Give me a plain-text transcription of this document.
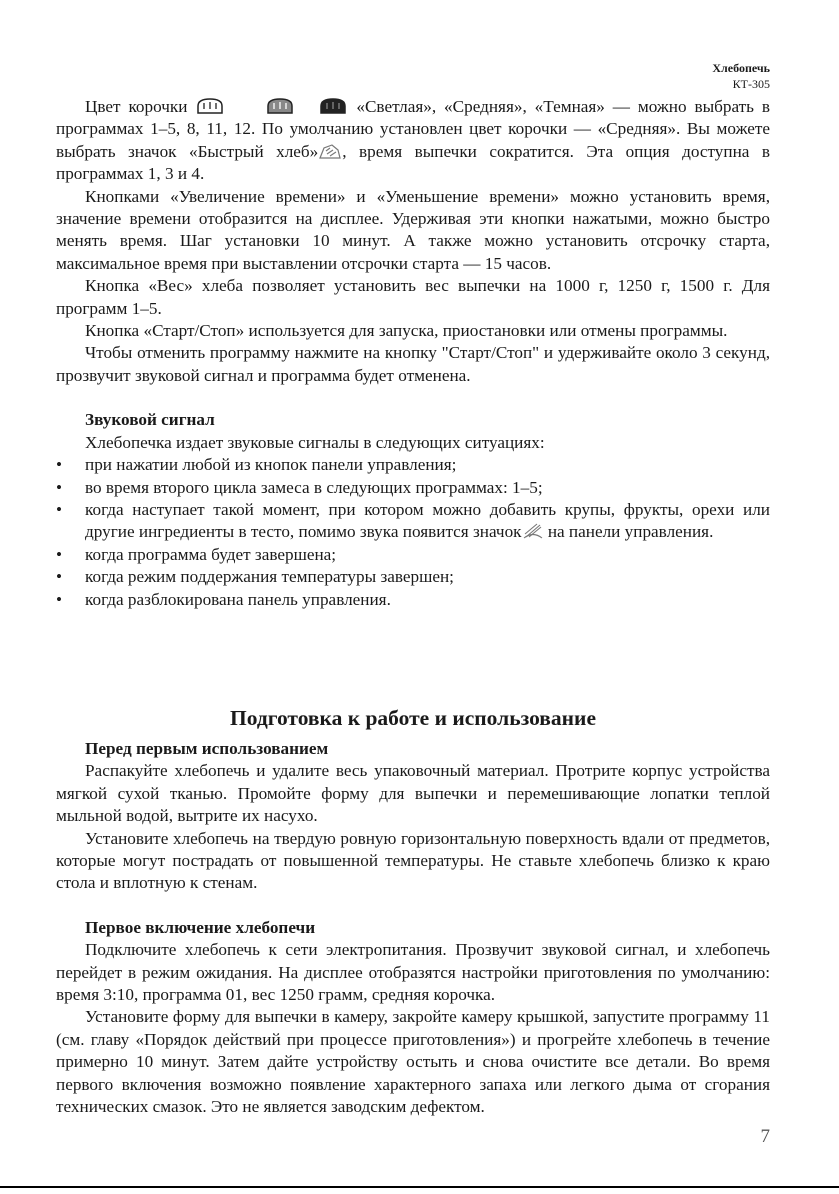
Хлебопечь
КТ-305

Цвет корочки	«Светлая», «Средняя», «Темная» — можно выбрать в программах 1–5, 8, 11, 12. По умолчанию установлен цвет корочки — «Средняя». Вы можете выбрать значок «Быстрый хлеб» , время выпечки сократится. Эта опция доступна в программах 1, 3 и 4.

Кнопками «Увеличение времени» и «Уменьшение времени» можно установить время, значение времени отобразится на дисплее. Удерживая эти кнопки нажатыми, можно быстро менять время. Шаг установки 10 минут. А также можно установить отсрочку старта, максимальное время при выставлении отсрочки старта — 15 часов.

Кнопка «Вес» хлеба позволяет установить вес выпечки на 1000 г, 1250 г, 1500 г. Для программ 1–5.

Кнопка «Старт/Стоп» используется для запуска, приостановки или отмены программы.

Чтобы отменить программу нажмите на кнопку "Старт/Стоп" и удерживайте около 3 секунд, прозвучит звуковой сигнал и программа будет отменена.

Звуковой сигнал

Хлебопечка издает звуковые сигналы в следующих ситуациях:

• при нажатии любой из кнопок панели управления;
• во время второго цикла замеса в следующих программах: 1–5;
• когда наступает такой момент, при котором можно добавить крупы, фрукты, орехи или другие ингредиенты в тесто, помимо звука появится значок на панели управления.
• когда программа будет завершена;
• когда режим поддержания температуры завершен;
• когда разблокирована панель управления.
Подготовка к работе и использование

Перед первым использованием

Распакуйте хлебопечь и удалите весь упаковочный материал. Протрите корпус устройства мягкой сухой тканью. Промойте форму для выпечки и перемешивающие лопатки теплой мыльной водой, вытрите их насухо.

Установите хлебопечь на твердую ровную горизонтальную поверхность вдали от предметов, которые могут пострадать от повышенной температуры. Не ставьте хлебопечь близко к краю стола и вплотную к стенам.

Первое включение хлебопечи

Подключите хлебопечь к сети электропитания. Прозвучит звуковой сигнал, и хлебопечь перейдет в режим ожидания. На дисплее отобразятся настройки приготовления по умолчанию: время 3:10, программа 01, вес 1250 грамм, средняя корочка.

Установите форму для выпечки в камеру, закройте камеру крышкой, запустите программу 11 (см. главу «Порядок действий при процессе приготовления») и прогрейте хлебопечь в течение примерно 10 минут. Затем дайте устройству остыть и снова очистите все детали. Во время первого включения возможно появление характерного запаха или легкого дыма от сгорания технических смазок. Это не является заводским дефектом.

7
